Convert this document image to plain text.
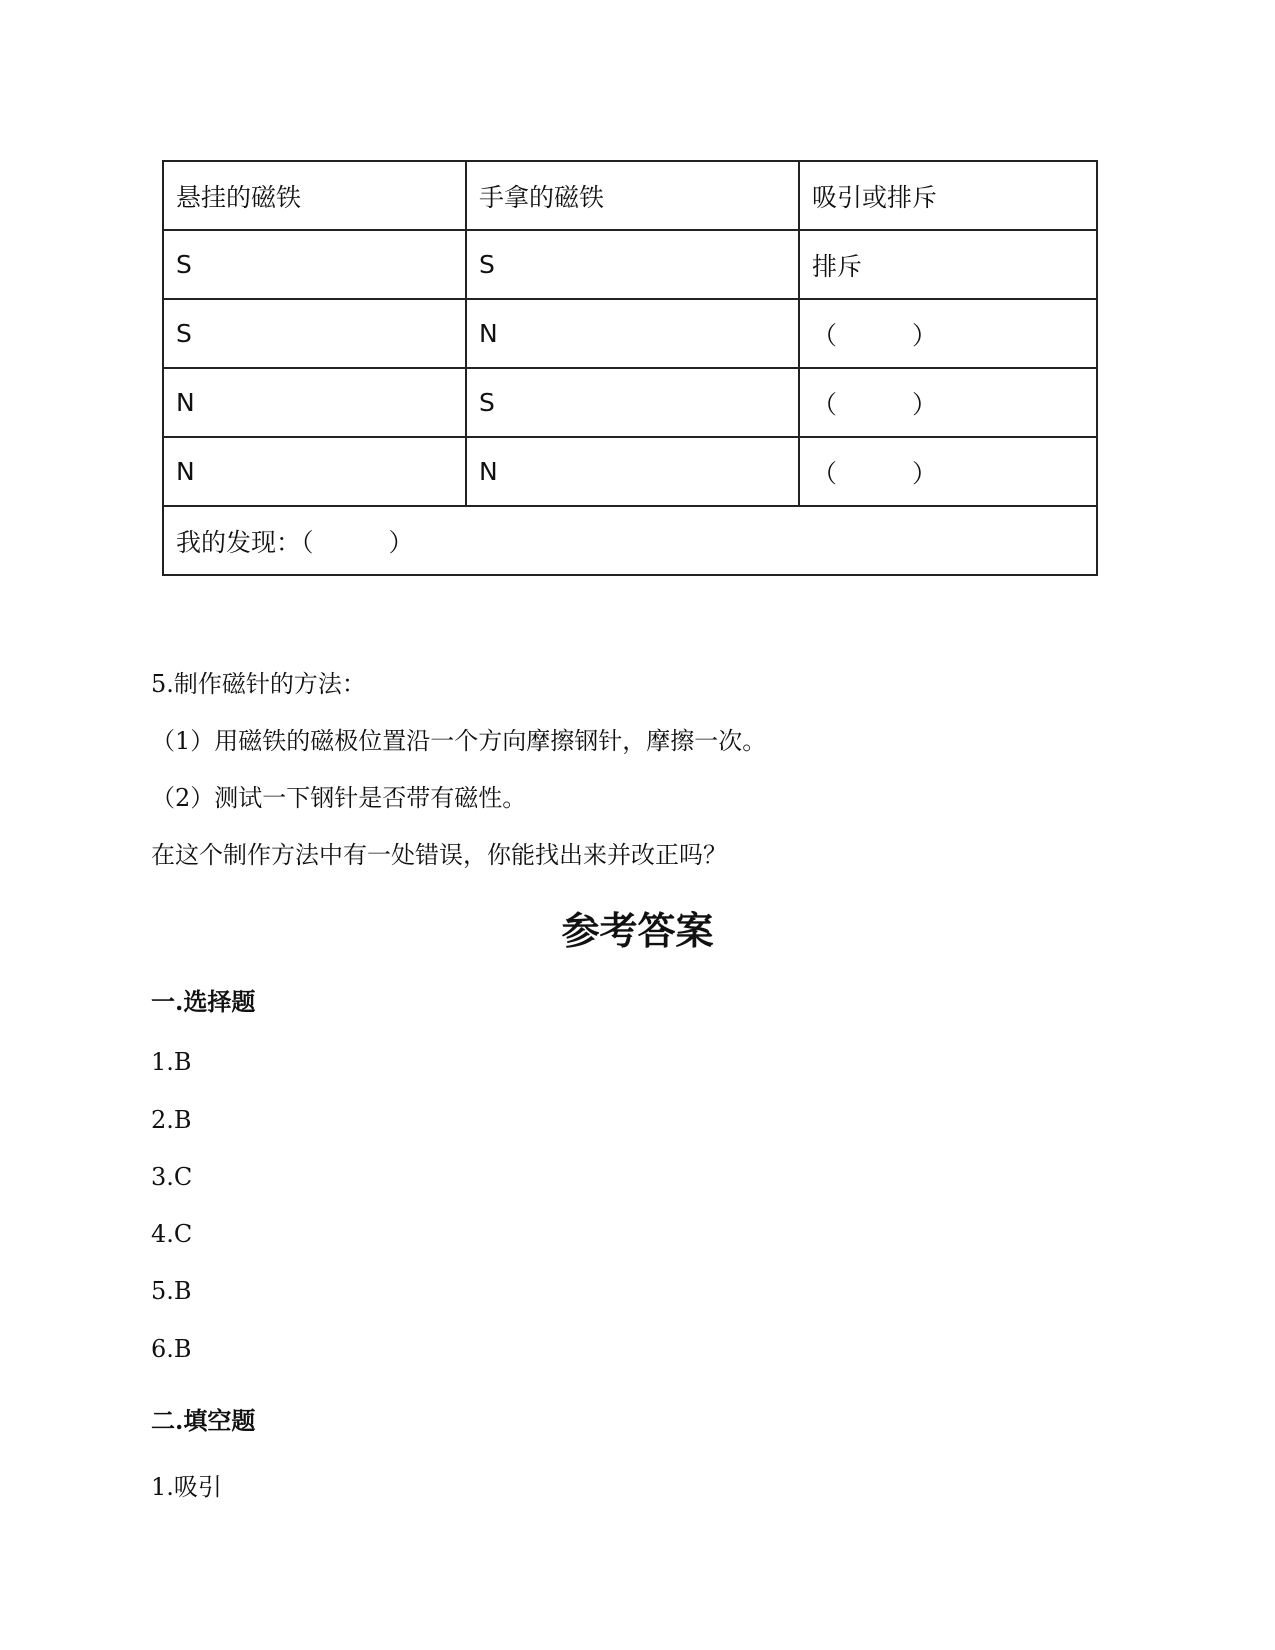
悬挂的磁铁	手拿的磁铁	吸引或排斥
S	S	排斥
S	N	（　　　）
N	S	（　　　）
N	N	（　　　）
我的发现：（　　　）		
5.制作磁针的方法：
（1）用磁铁的磁极位置沿一个方向摩擦钢针，摩擦一次。
（2）测试一下钢针是否带有磁性。
在这个制作方法中有一处错误，你能找出来并改正吗？
参考答案
一.选择题
1.B
2.B
3.C
4.C
5.B
6.B
二.填空题
1.吸引
